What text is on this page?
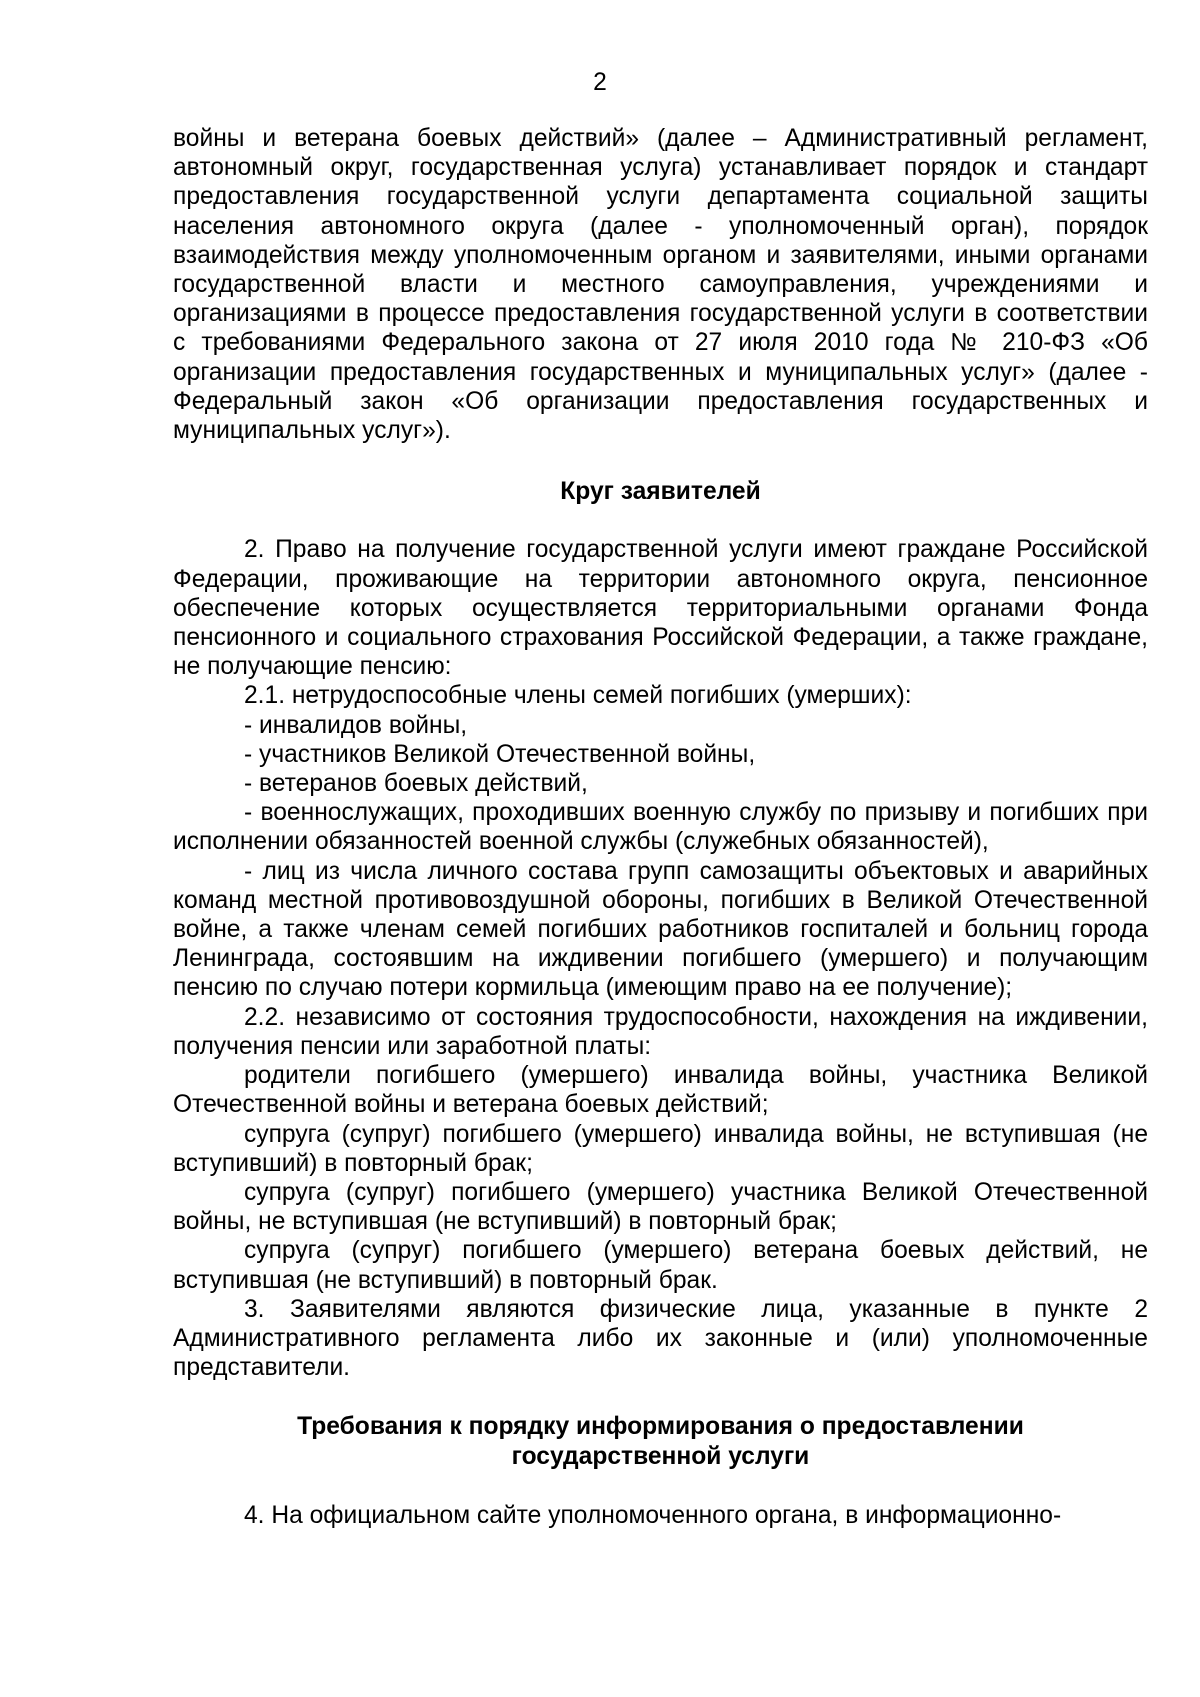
2

войны и ветерана боевых действий» (далее – Административный регламент, автономный округ, государственная услуга) устанавливает порядок и стандарт предоставления государственной услуги департамента социальной защиты населения автономного округа (далее - уполномоченный орган), порядок взаимодействия между уполномоченным органом и заявителями, иными органами государственной власти и местного самоуправления, учреждениями и организациями в процессе предоставления государственной услуги в соответствии с требованиями Федерального закона от 27 июля 2010 года № 210-ФЗ «Об организации предоставления государственных и муниципальных услуг» (далее - Федеральный закон «Об организации предоставления государственных и муниципальных услуг»).

Круг заявителей

2. Право на получение государственной услуги имеют граждане Российской Федерации, проживающие на территории автономного округа, пенсионное обеспечение которых осуществляется территориальными органами Фонда пенсионного и социального страхования Российской Федерации, а также граждане, не получающие пенсию:

2.1. нетрудоспособные члены семей погибших (умерших):

- инвалидов войны,

- участников Великой Отечественной войны,

- ветеранов боевых действий,

- военнослужащих, проходивших военную службу по призыву и погибших при исполнении обязанностей военной службы (служебных обязанностей),

- лиц из числа личного состава групп самозащиты объектовых и аварийных команд местной противовоздушной обороны, погибших в Великой Отечественной войне, а также членам семей погибших работников госпиталей и больниц города Ленинграда, состоявшим на иждивении погибшего (умершего) и получающим пенсию по случаю потери кормильца (имеющим право на ее получение);

2.2. независимо от состояния трудоспособности, нахождения на иждивении, получения пенсии или заработной платы:

родители погибшего (умершего) инвалида войны, участника Великой Отечественной войны и ветерана боевых действий;

супруга (супруг) погибшего (умершего) инвалида войны, не вступившая (не вступивший) в повторный брак;

супруга (супруг) погибшего (умершего) участника Великой Отечественной войны, не вступившая (не вступивший) в повторный брак;

супруга (супруг) погибшего (умершего) ветерана боевых действий, не вступившая (не вступивший) в повторный брак.

3. Заявителями являются физические лица, указанные в пункте 2 Административного регламента либо их законные и (или) уполномоченные представители.

Требования к порядку информирования о предоставлении государственной услуги

4. На официальном сайте уполномоченного органа, в информационно-
